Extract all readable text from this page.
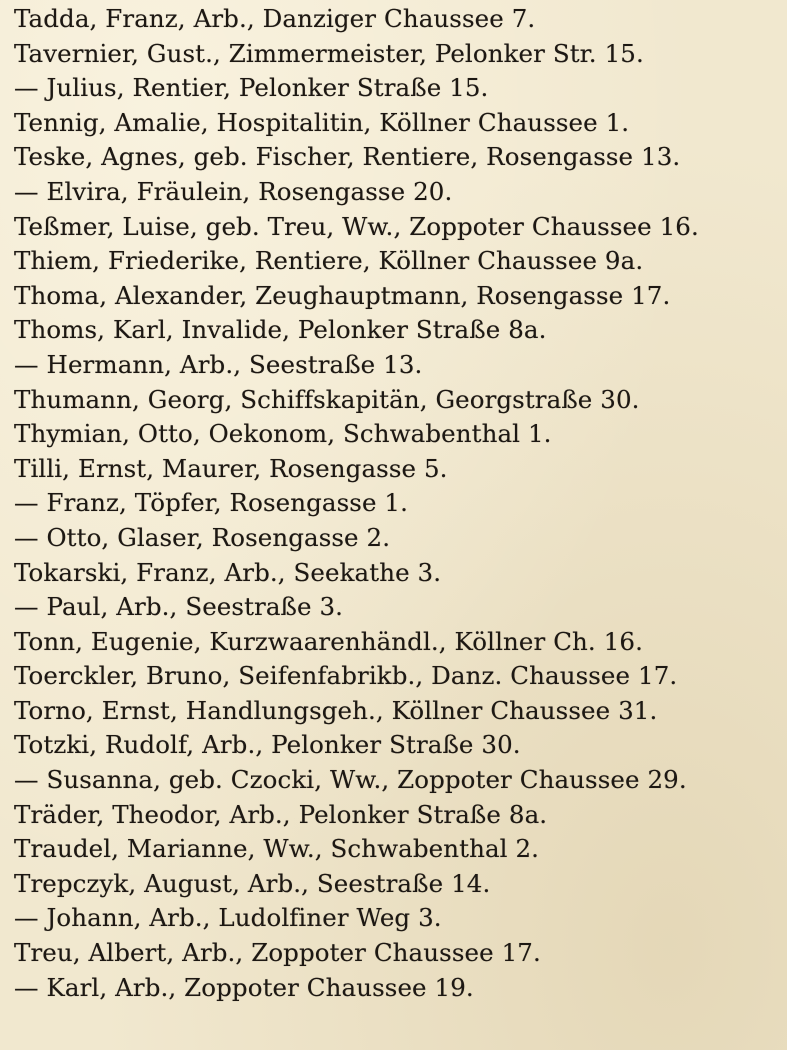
Tadda, Franz, Arb., Danziger Chaussee 7.
Tavernier, Gust., Zimmermeister, Pelonker Str. 15.
— Julius, Rentier, Pelonker Straße 15.
Tennig, Amalie, Hospitalitin, Köllner Chaussee 1.
Teske, Agnes, geb. Fischer, Rentiere, Rosengasse 13.
— Elvira, Fräulein, Rosengasse 20.
Teßmer, Luise, geb. Treu, Ww., Zoppoter Chaussee 16.
Thiem, Friederike, Rentiere, Köllner Chaussee 9a.
Thoma, Alexander, Zeughauptmann, Rosengasse 17.
Thoms, Karl, Invalide, Pelonker Straße 8a.
— Hermann, Arb., Seestraße 13.
Thumann, Georg, Schiffskapitän, Georgstraße 30.
Thymian, Otto, Oekonom, Schwabenthal 1.
Tilli, Ernst, Maurer, Rosengasse 5.
— Franz, Töpfer, Rosengasse 1.
— Otto, Glaser, Rosengasse 2.
Tokarski, Franz, Arb., Seekathe 3.
— Paul, Arb., Seestraße 3.
Tonn, Eugenie, Kurzwaarenhändl., Köllner Ch. 16.
Toerckler, Bruno, Seifenfabrikb., Danz. Chaussee 17.
Torno, Ernst, Handlungsgeh., Köllner Chaussee 31.
Totzki, Rudolf, Arb., Pelonker Straße 30.
— Susanna, geb. Czocki, Ww., Zoppoter Chaussee 29.
Träder, Theodor, Arb., Pelonker Straße 8a.
Traudel, Marianne, Ww., Schwabenthal 2.
Trepczyk, August, Arb., Seestraße 14.
— Johann, Arb., Ludolfiner Weg 3.
Treu, Albert, Arb., Zoppoter Chaussee 17.
— Karl, Arb., Zoppoter Chaussee 19.
